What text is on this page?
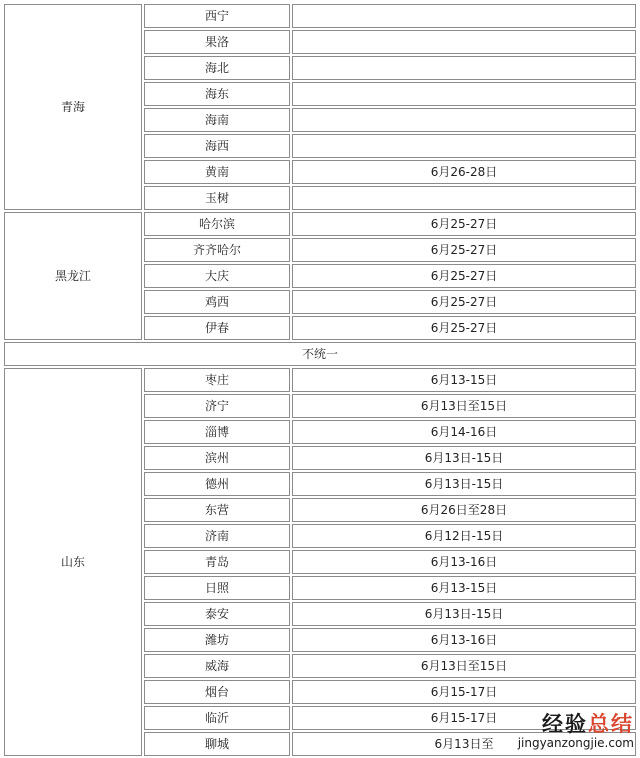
青海	西宁	
	果洛	
	海北	
	海东	
	海南	
	海西	
	黄南	6月26-28日
	玉树	
黑龙江	哈尔滨	6月25-27日
	齐齐哈尔	6月25-27日
	大庆	6月25-27日
	鸡西	6月25-27日
	伊春	6月25-27日
不统一		
山东	枣庄	6月13-15日
	济宁	6月13日至15日
	淄博	6月14-16日
	滨州	6月13日-15日
	德州	6月13日-15日
	东营	6月26日至28日
	济南	6月12日-15日
	青岛	6月13-16日
	日照	6月13-15日
	泰安	6月13日-15日
	潍坊	6月13-16日
	威海	6月13日至15日
	烟台	6月15-17日
	临沂	6月15-17日
	聊城	6月13日至
经验总结
jingyanzongjie.com
